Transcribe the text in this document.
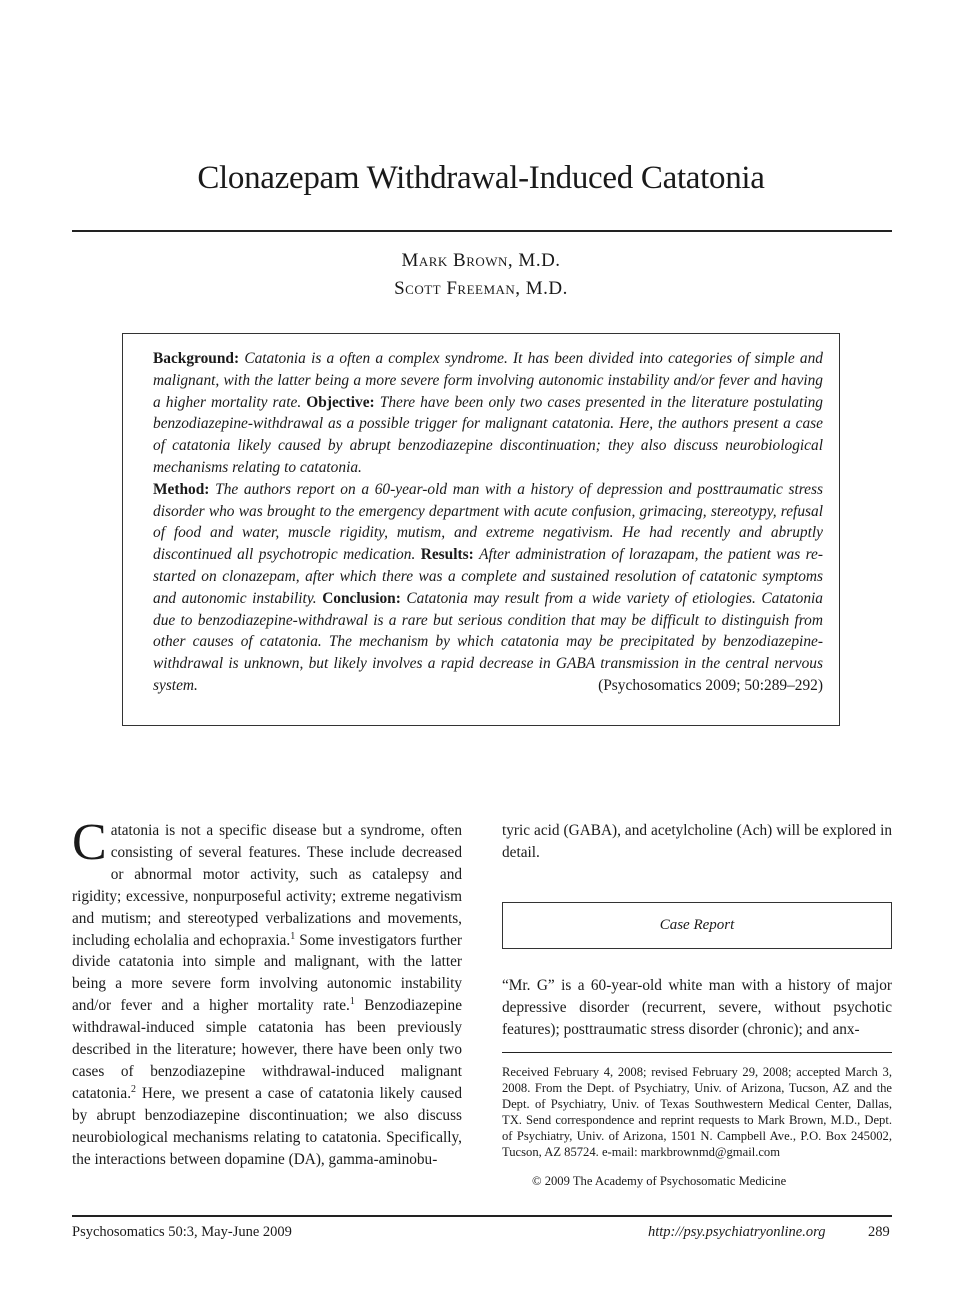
Clonazepam Withdrawal-Induced Catatonia
Mark Brown, M.D.
Scott Freeman, M.D.
Background: Catatonia is a often a complex syndrome. It has been divided into categories of simple and malignant, with the latter being a more severe form involving autonomic instability and/or fever and having a higher mortality rate. Objective: There have been only two cases presented in the literature postulating benzodiazepine-withdrawal as a possible trigger for malignant catatonia. Here, the authors present a case of catatonia likely caused by abrupt benzodiazepine discontinuation; they also discuss neurobiological mechanisms relating to catatonia.
Method: The authors report on a 60-year-old man with a history of depression and posttraumatic stress disorder who was brought to the emergency department with acute confusion, grimacing, stereotypy, refusal of food and water, muscle rigidity, mutism, and extreme negativism. He had recently and abruptly discontinued all psychotropic medication. Results: After administration of lorazapam, the patient was re-started on clonazepam, after which there was a complete and sustained resolution of catatonic symptoms and autonomic instability. Conclusion: Catatonia may result from a wide variety of etiologies. Catatonia due to benzodiazepine-withdrawal is a rare but serious condition that may be difficult to distinguish from other causes of catatonia. The mechanism by which catatonia may be precipitated by benzodiazepine-withdrawal is unknown, but likely involves a rapid decrease in GABA transmission in the central nervous system.	(Psychosomatics 2009; 50:289–292)
Catatonia is not a specific disease but a syndrome, often consisting of several features. These include decreased or abnormal motor activity, such as catalepsy and rigidity; excessive, nonpurposeful activity; extreme negativism and mutism; and stereotyped verbalizations and movements, including echolalia and echopraxia.$^1$ Some investigators further divide catatonia into simple and malignant, with the latter being a more severe form involving autonomic instability and/or fever and a higher mortality rate.$^1$ Benzodiazepine withdrawal-induced simple catatonia has been previously described in the literature; however, there have been only two cases of benzodiazepine withdrawal-induced malignant catatonia.$^2$ Here, we present a case of catatonia likely caused by abrupt benzodiazepine discontinuation; we also discuss neurobiological mechanisms relating to catatonia. Specifically, the interactions between dopamine (DA), gamma-aminobu-
tyric acid (GABA), and acetylcholine (Ach) will be explored in detail.
Case Report
“Mr. G” is a 60-year-old white man with a history of major depressive disorder (recurrent, severe, without psychotic features); posttraumatic stress disorder (chronic); and anx-
Received February 4, 2008; revised February 29, 2008; accepted March 3, 2008. From the Dept. of Psychiatry, Univ. of Arizona, Tucson, AZ and the Dept. of Psychiatry, Univ. of Texas Southwestern Medical Center, Dallas, TX. Send correspondence and reprint requests to Mark Brown, M.D., Dept. of Psychiatry, Univ. of Arizona, 1501 N. Campbell Ave., P.O. Box 245002, Tucson, AZ 85724. e-mail: markbrownmd@gmail.com
© 2009 The Academy of Psychosomatic Medicine
Psychosomatics 50:3, May-June 2009	http://psy.psychiatryonline.org	289
